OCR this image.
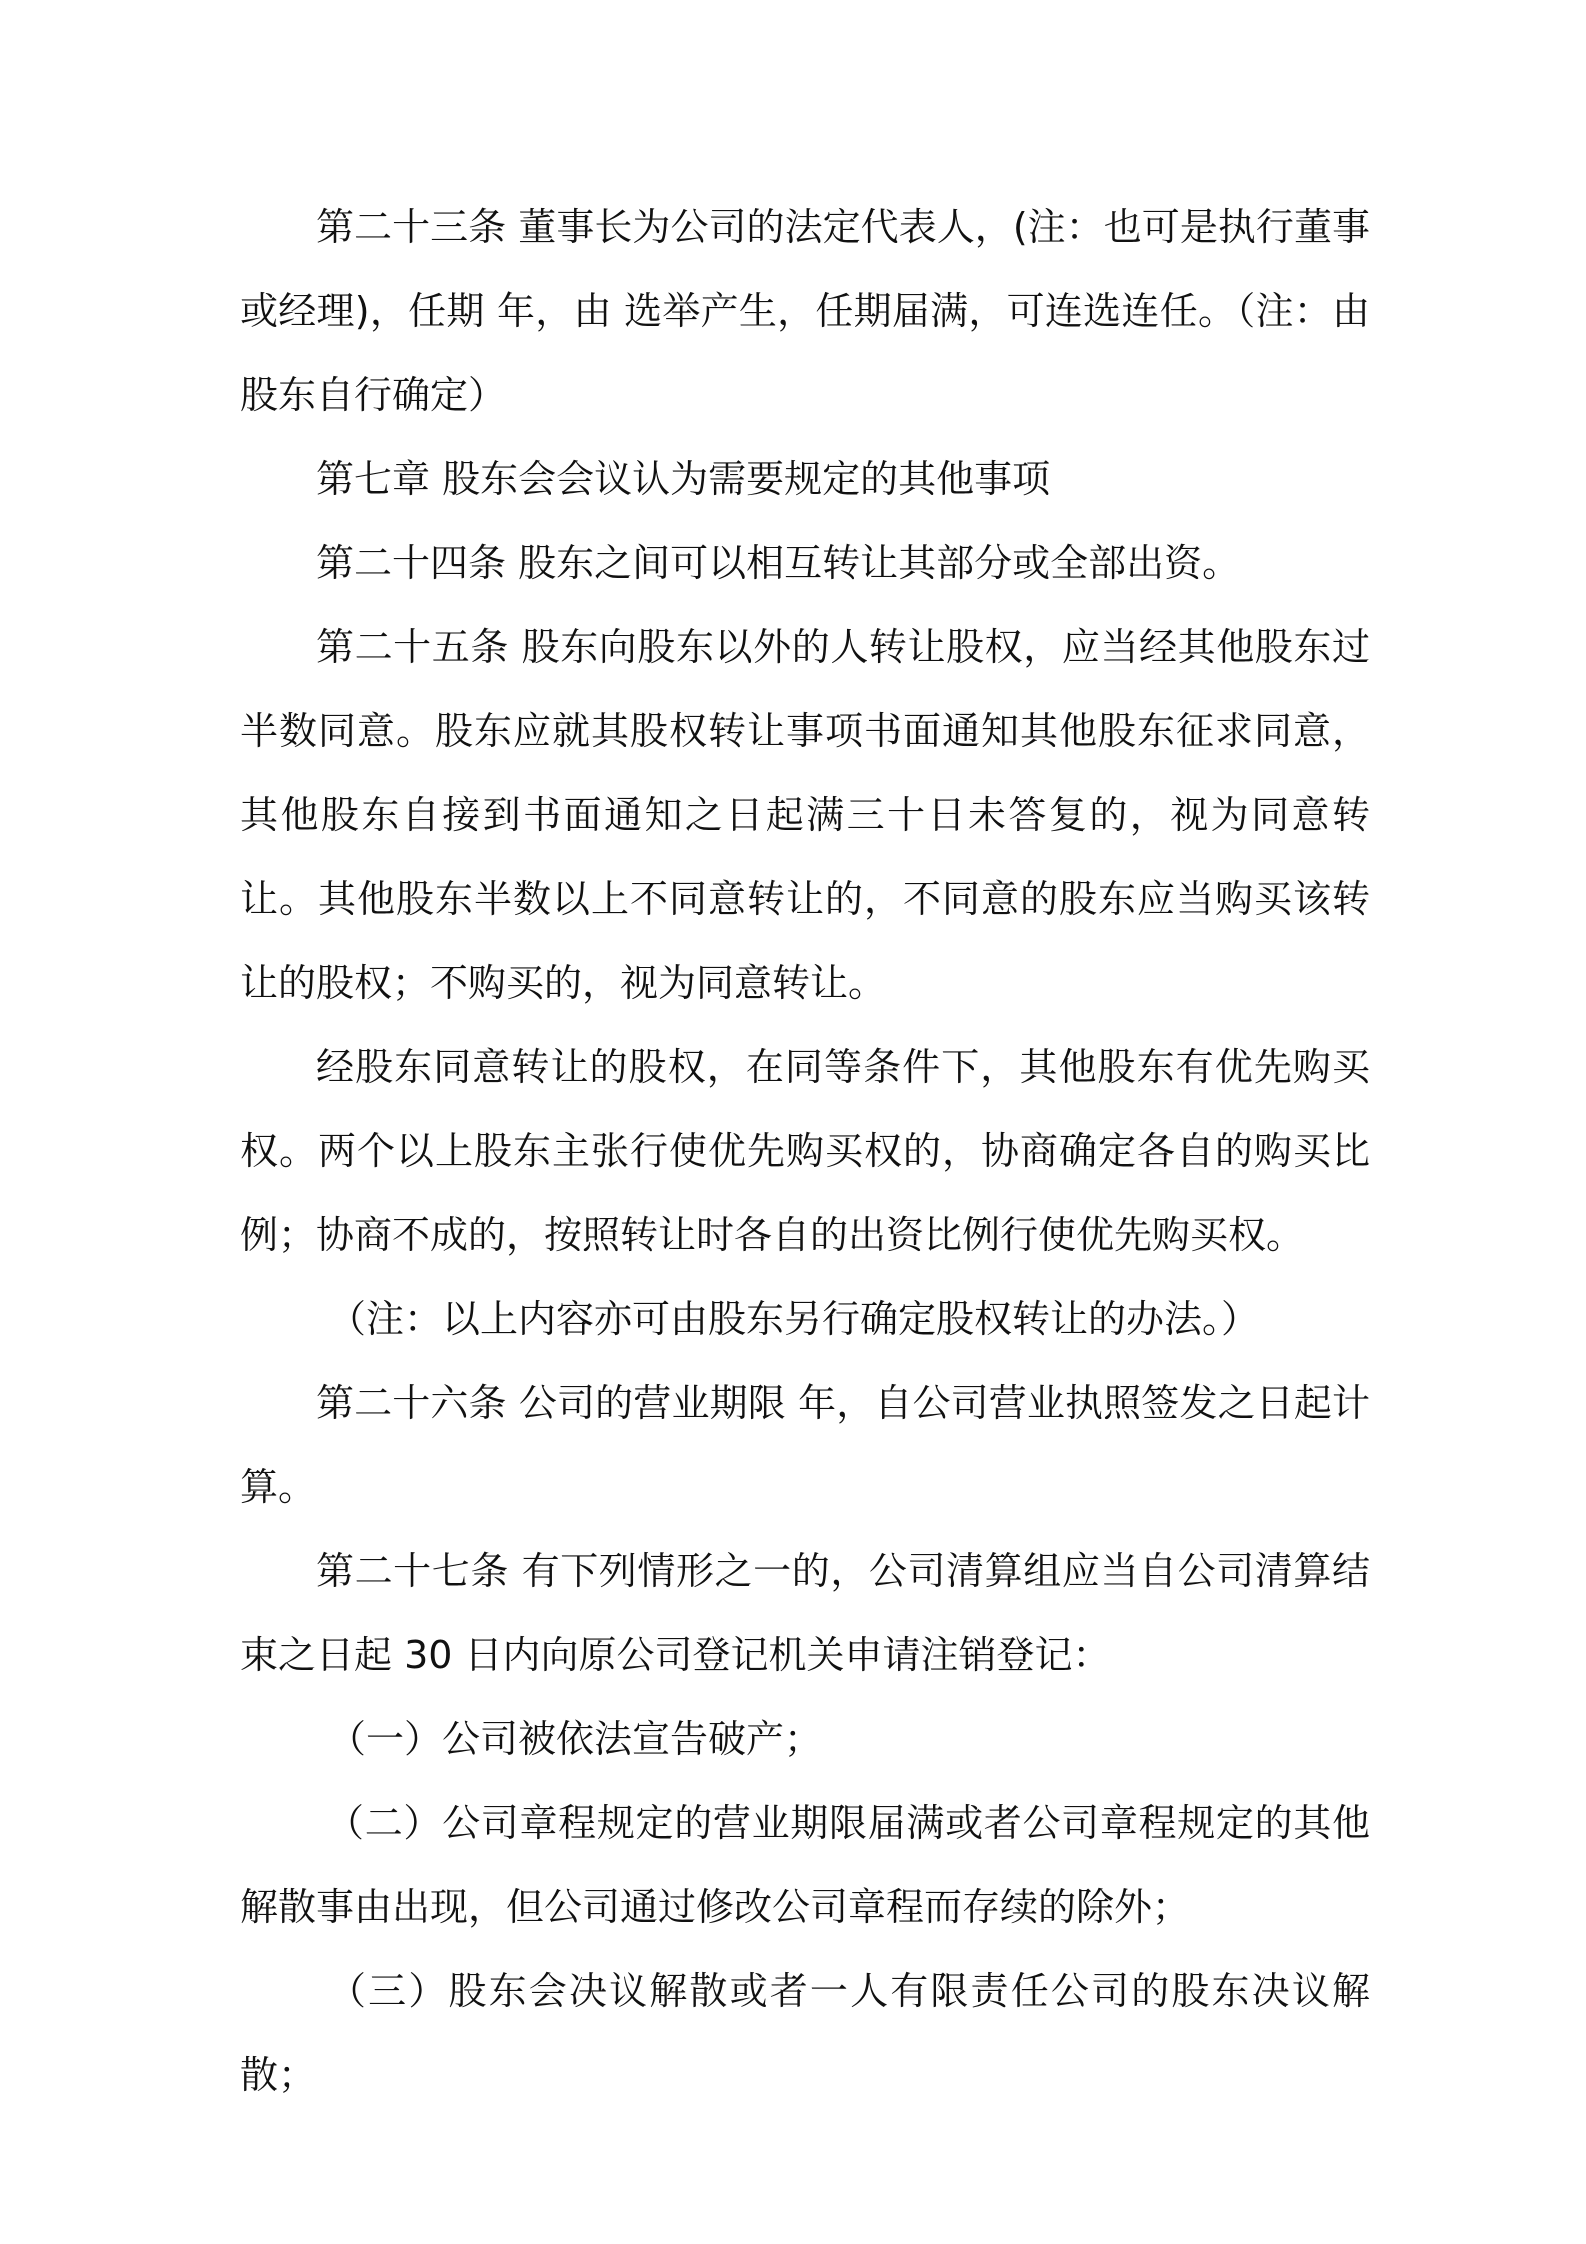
第二十三条 董事长为公司的法定代表人，(注：也可是执行董事或经理)，任期 年，由 选举产生，任期届满，可连选连任。（注：由股东自行确定）

第七章 股东会会议认为需要规定的其他事项

第二十四条 股东之间可以相互转让其部分或全部出资。

第二十五条 股东向股东以外的人转让股权，应当经其他股东过半数同意。股东应就其股权转让事项书面通知其他股东征求同意，其他股东自接到书面通知之日起满三十日未答复的，视为同意转让。其他股东半数以上不同意转让的，不同意的股东应当购买该转让的股权；不购买的，视为同意转让。

经股东同意转让的股权，在同等条件下，其他股东有优先购买权。两个以上股东主张行使优先购买权的，协商确定各自的购买比例；协商不成的，按照转让时各自的出资比例行使优先购买权。

（注：以上内容亦可由股东另行确定股权转让的办法。）

第二十六条 公司的营业期限 年，自公司营业执照签发之日起计算。

第二十七条 有下列情形之一的，公司清算组应当自公司清算结束之日起 30 日内向原公司登记机关申请注销登记：

（一）公司被依法宣告破产；

（二）公司章程规定的营业期限届满或者公司章程规定的其他解散事由出现，但公司通过修改公司章程而存续的除外；

（三）股东会决议解散或者一人有限责任公司的股东决议解散；
